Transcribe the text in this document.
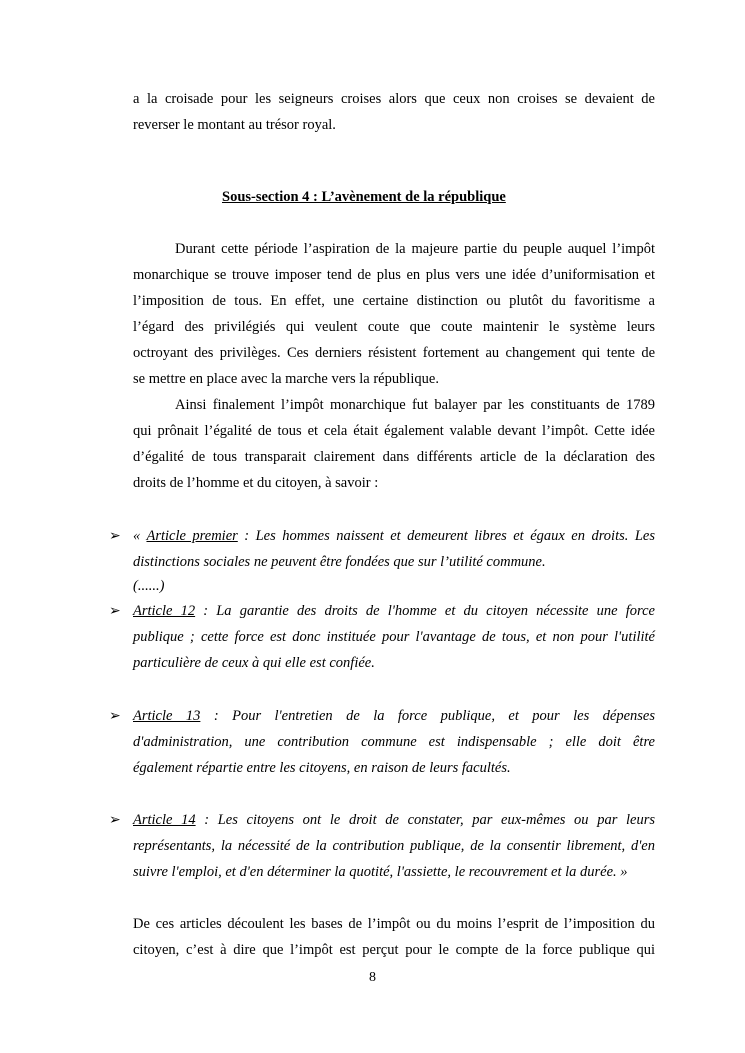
a la croisade pour les seigneurs croises alors que ceux non croises se devaient de
reverser le montant au trésor royal.
Sous-section 4 : L’avènement de la république
Durant cette période l’aspiration de la majeure partie du peuple auquel l’impôt
monarchique se trouve imposer tend de plus en plus vers une idée d’uniformisation et
l’imposition de tous. En effet, une certaine distinction ou plutôt du favoritisme a
l’égard des privilégiés qui veulent coute que coute maintenir le système leurs
octroyant des privilèges. Ces derniers résistent fortement au changement qui tente de
se mettre en place avec la marche vers la république.
Ainsi finalement l’impôt monarchique fut balayer par les constituants de 1789
qui prônait l’égalité de tous et cela était également valable devant l’impôt. Cette idée
d’égalité de tous transparait clairement dans différents article de la déclaration des
droits de l’homme et du citoyen, à savoir :
➢ « Article premier : Les hommes naissent et demeurent libres et égaux en droits. Les
distinctions sociales ne peuvent être fondées que sur l’utilité commune.
(......)
➢ Article 12 : La garantie des droits de l'homme et du citoyen nécessite une force
publique ; cette force est donc instituée pour l'avantage de tous, et non pour l'utilité
particulière de ceux à qui elle est confiée.
➢ Article 13 : Pour l'entretien de la force publique, et pour les dépenses
d'administration, une contribution commune est indispensable ; elle doit être
également répartie entre les citoyens, en raison de leurs facultés.
➢ Article 14 : Les citoyens ont le droit de constater, par eux-mêmes ou par leurs
représentants, la nécessité de la contribution publique, de la consentir librement, d'en
suivre l'emploi, et d'en déterminer la quotité, l'assiette, le recouvrement et la durée. »
De ces articles découlent les bases de l’impôt ou du moins l’esprit de l’imposition du
citoyen, c’est à dire que l’impôt est perçut pour le compte de la force publique qui
8
